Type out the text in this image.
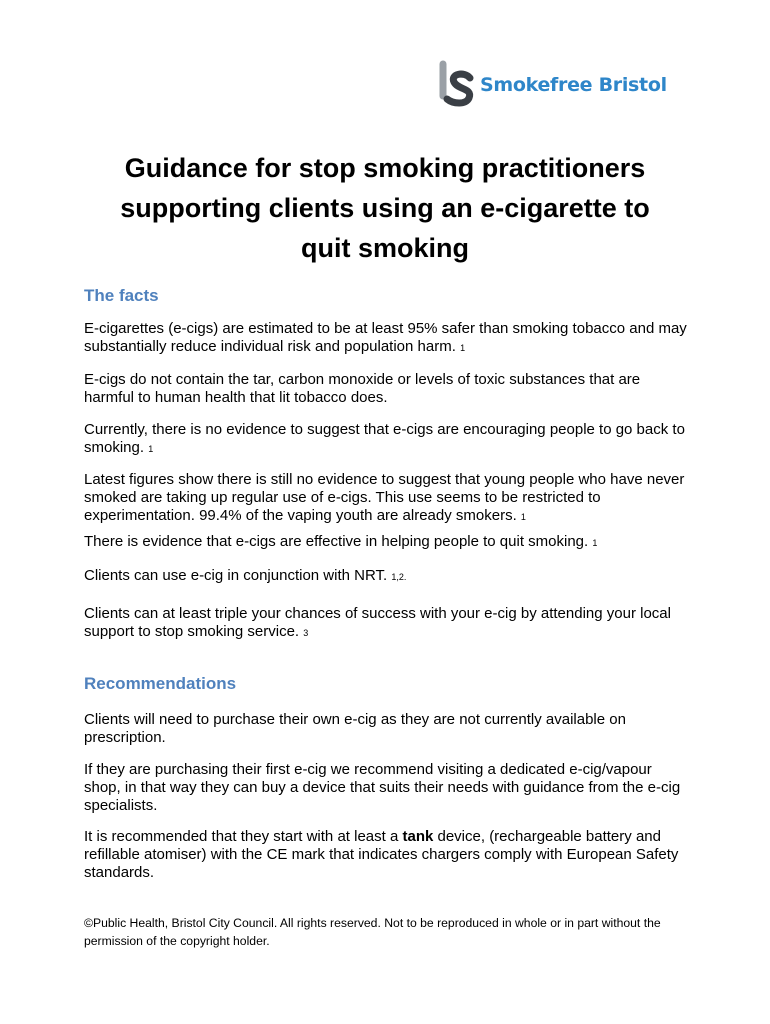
Smokefree Bristol
Guidance for stop smoking practitioners
supporting clients using an e-cigarette to
quit smoking
The facts

E-cigarettes (e-cigs) are estimated to be at least 95% safer than smoking tobacco and may substantially reduce individual risk and population harm. 1

E-cigs do not contain the tar, carbon monoxide or levels of toxic substances that are harmful to human health that lit tobacco does.

Currently, there is no evidence to suggest that e-cigs are encouraging people to go back to smoking. 1

Latest figures show there is still no evidence to suggest that young people who have never smoked are taking up regular use of e-cigs. This use seems to be restricted to experimentation. 99.4% of the vaping youth are already smokers. 1

There is evidence that e-cigs are effective in helping people to quit smoking. 1

Clients can use e-cig in conjunction with NRT. 1,2.

Clients can at least triple your chances of success with your e-cig by attending your local support to stop smoking service. 3

Recommendations

Clients will need to purchase their own e-cig as they are not currently available on prescription.

If they are purchasing their first e-cig we recommend visiting a dedicated e-cig/vapour shop, in that way they can buy a device that suits their needs with guidance from the e-cig specialists.

It is recommended that they start with at least a tank device, (rechargeable battery and refillable atomiser) with the CE mark that indicates chargers comply with European Safety standards.

©Public Health, Bristol City Council. All rights reserved. Not to be reproduced in whole or in part without the permission of the copyright holder.
